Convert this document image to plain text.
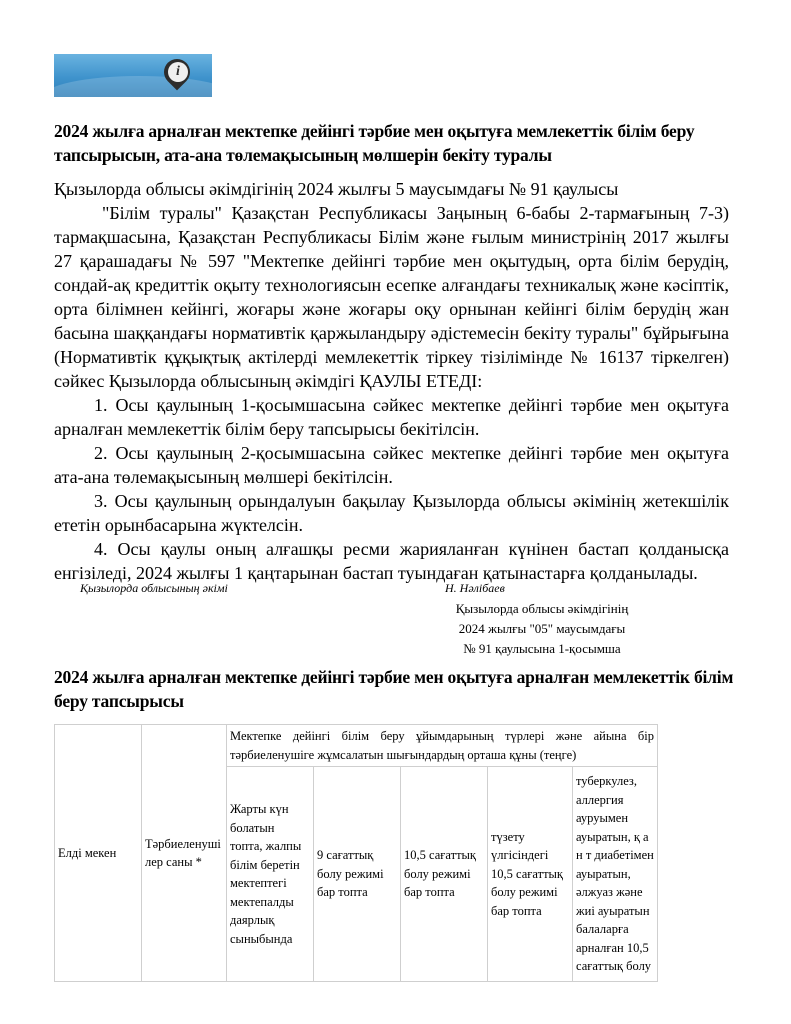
i
2024 жылға арналған мектепке дейінгі тәрбие мен оқытуға мемлекеттік білім беру тапсырысын, ата-ана төлемақысының мөлшерін бекіту туралы
Қызылорда облысы әкімдігінің 2024 жылғы 5 маусымдағы № 91 қаулысы

"Білім туралы" Қазақстан Республикасы Заңының 6-бабы 2-тармағының 7-3) тармақшасына, Қазақстан Республикасы Білім және ғылым министрінің 2017 жылғы 27 қарашадағы № 597 "Мектепке дейінгі тәрбие мен оқытудың, орта білім берудің, сондай-ақ кредиттік оқыту технологиясын есепке алғандағы техникалық және кәсіптік, орта білімнен кейінгі, жоғары және жоғары оқу орнынан кейінгі білім берудің жан басына шаққандағы нормативтік қаржыландыру әдістемесін бекіту туралы" бұйрығына (Нормативтік құқықтық актілерді мемлекеттік тіркеу тізілімінде № 16137 тіркелген) сәйкес Қызылорда облысының әкімдігі ҚАУЛЫ ЕТЕДІ:

1. Осы қаулының 1-қосымшасына сәйкес мектепке дейінгі тәрбие мен оқытуға арналған мемлекеттік білім беру тапсырысы бекітілсін.

2. Осы қаулының 2-қосымшасына сәйкес мектепке дейінгі тәрбие мен оқытуға ата-ана төлемақысының мөлшері бекітілсін.

3. Осы қаулының орындалуын бақылау Қызылорда облысы әкімінің жетекшілік ететін орынбасарына жүктелсін.

4. Осы қаулы оның алғашқы ресми жарияланған күнінен бастап қолданысқа енгізіледі, 2024 жылғы 1 қаңтарынан бастап туындаған қатынастарға қолданылады.

Қызылорда облысының әкімі	Н. Нәлібаев
Қызылорда облысы әкімдігінің
2024 жылғы "05" маусымдағы
№ 91 қаулысына 1-қосымша
2024 жылға арналған мектепке дейінгі тәрбие мен оқытуға арналған мемлекеттік білім беру тапсырысы
Елді мекен	Тәрбиеленуші лер саны *	Мектепке дейінгі білім беру ұйымдарының түрлері және айына бір тәрбиеленушіге жұмсалатын шығындардың орташа құны (теңге)				
		Жарты күн болатын топта, жалпы білім беретін мектептегі мектепалды даярлық сыныбында	9 сағаттық болу режимі бар топта	10,5 сағаттық болу режимі бар топта	түзету үлгісіндегі 10,5 сағаттық болу режимі бар топта	туберкулез, аллергия ауруымен ауыратын, қ а н т диабетімен ауыратын, әлжуаз және жиі ауыратын балаларға арналған 10,5 сағаттық болу
